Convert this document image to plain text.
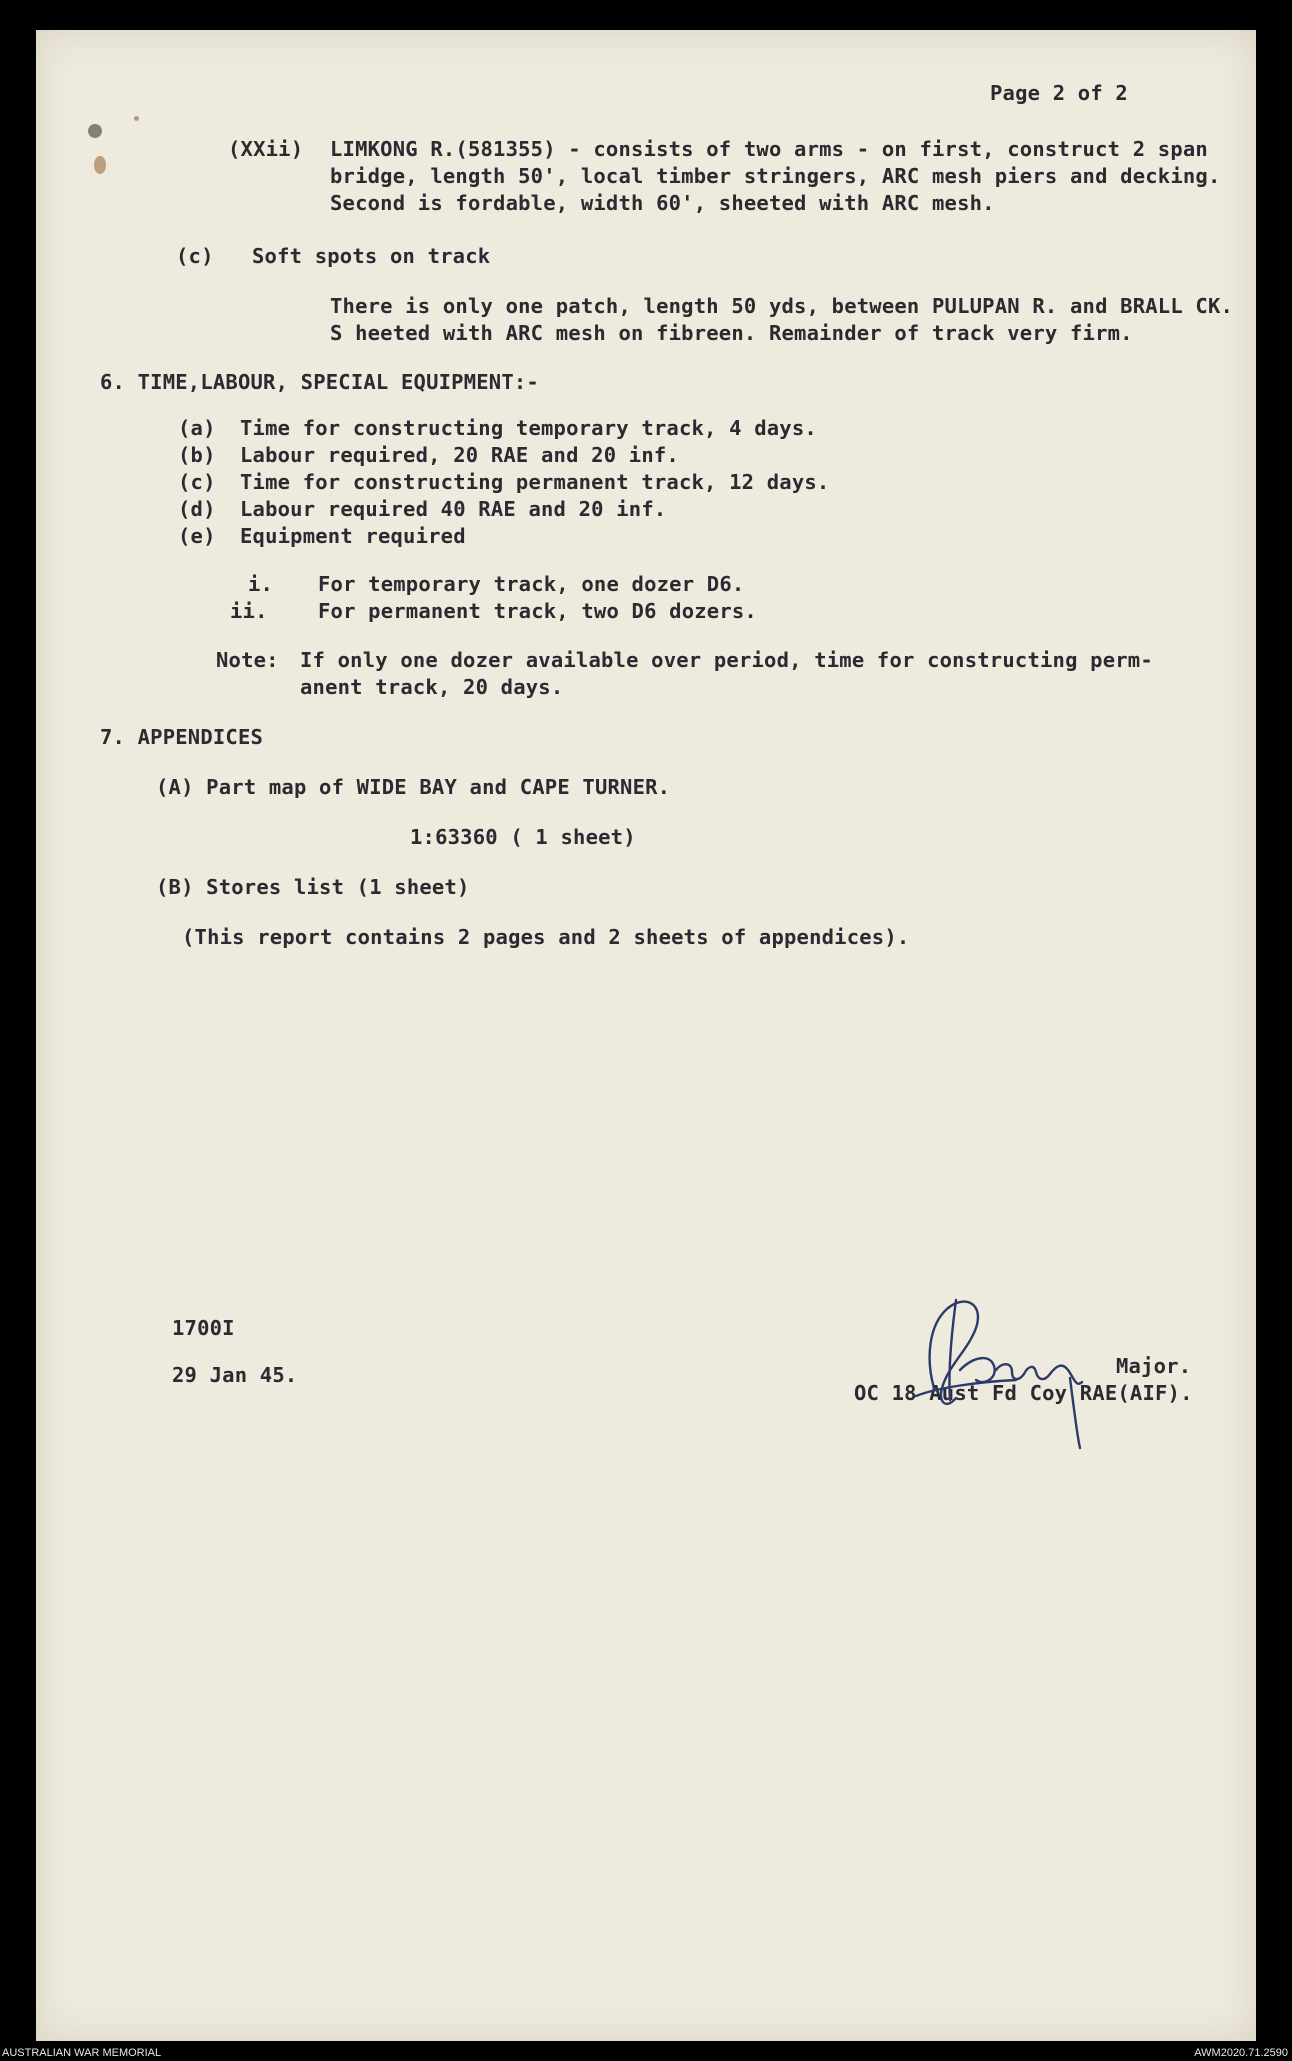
Page 2 of 2
(XXii) LIMKONG R.(581355) - consists of two arms - on first, construct 2 span
bridge, length 50', local timber stringers, ARC mesh piers and decking.
Second is fordable, width 60', sheeted with ARC mesh.
(c) Soft spots on track
There is only one patch, length 50 yds, between PULUPAN R. and BRALL CK.
S heeted with ARC mesh on fibreen. Remainder of track very firm.
6. TIME,LABOUR, SPECIAL EQUIPMENT:-
(a) Time for constructing temporary track, 4 days.
(b) Labour required, 20 RAE and 20 inf.
(c) Time for constructing permanent track, 12 days.
(d) Labour required 40 RAE and 20 inf.
(e) Equipment required
i. For temporary track, one dozer D6.
ii. For permanent track, two D6 dozers.
Note: If only one dozer available over period, time for constructing perm-
anent track, 20 days.
7. APPENDICES
(A) Part map of WIDE BAY and CAPE TURNER.
1:63360 ( 1 sheet)
(B) Stores list (1 sheet)
(This report contains 2 pages and 2 sheets of appendices).
1700I
29 Jan 45.	Major.
OC 18 Aust Fd Coy RAE(AIF).
AUSTRALIAN WAR MEMORIAL	AWM2020.71.2590
